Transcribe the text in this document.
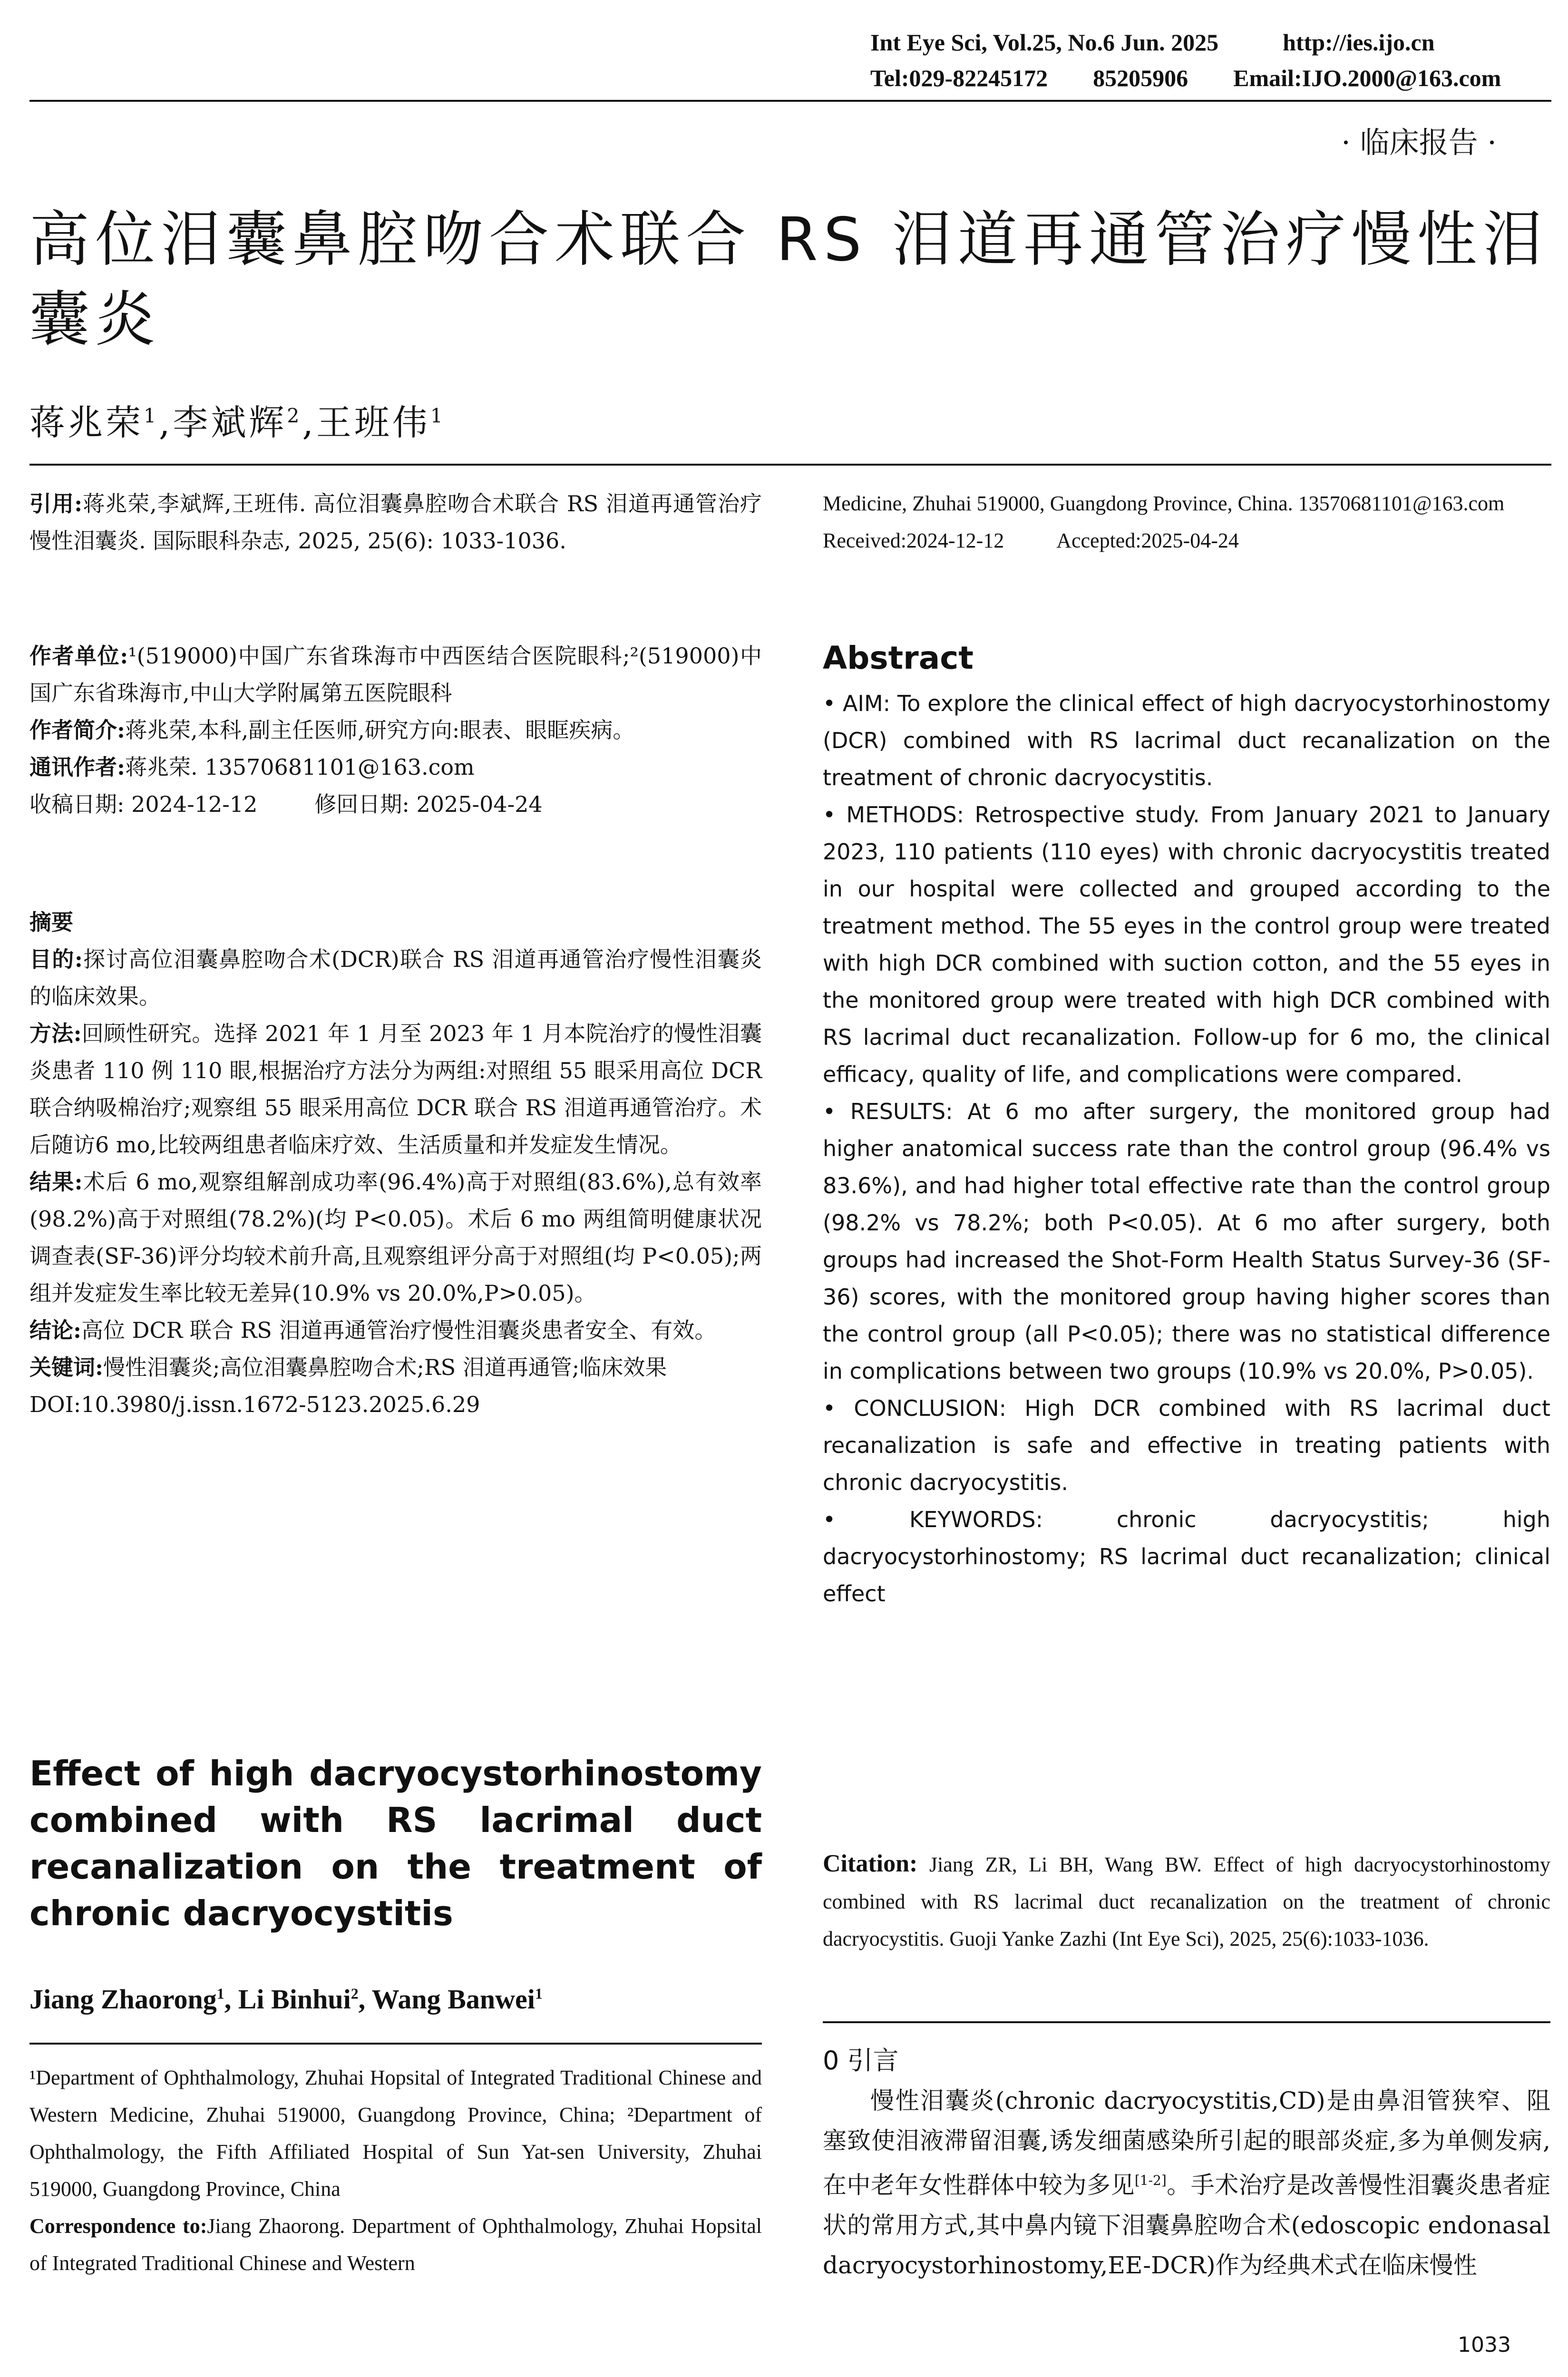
Int Eye Sci, Vol.25, No.6 Jun. 2025	http://ies.ijo.cn
Tel:029-82245172 85205906 Email:IJO.2000@163.com
· 临床报告 ·
高位泪囊鼻腔吻合术联合 RS 泪道再通管治疗慢性泪囊炎
蒋兆荣$^1$,李斌辉$^2$,王班伟$^1$
引用:蒋兆荣,李斌辉,王班伟. 高位泪囊鼻腔吻合术联合 RS 泪道再通管治疗慢性泪囊炎. 国际眼科杂志, 2025, 25(6): 1033-1036.

作者单位:¹(519000)中国广东省珠海市中西医结合医院眼科;²(519000)中国广东省珠海市,中山大学附属第五医院眼科

作者简介:蒋兆荣,本科,副主任医师,研究方向:眼表、眼眶疾病。

通讯作者:蒋兆荣. 13570681101@163.com

收稿日期: 2024-12-12	修回日期: 2025-04-24

摘要

目的:探讨高位泪囊鼻腔吻合术(DCR)联合 RS 泪道再通管治疗慢性泪囊炎的临床效果。

方法:回顾性研究。选择 2021 年 1 月至 2023 年 1 月本院治疗的慢性泪囊炎患者 110 例 110 眼,根据治疗方法分为两组:对照组 55 眼采用高位 DCR 联合纳吸棉治疗;观察组 55 眼采用高位 DCR 联合 RS 泪道再通管治疗。术后随访6 mo,比较两组患者临床疗效、生活质量和并发症发生情况。

结果:术后 6 mo,观察组解剖成功率(96.4%)高于对照组(83.6%),总有效率(98.2%)高于对照组(78.2%)(均 P<0.05)。术后 6 mo 两组简明健康状况调查表(SF-36)评分均较术前升高,且观察组评分高于对照组(均 P<0.05);两组并发症发生率比较无差异(10.9% vs 20.0%,P>0.05)。

结论:高位 DCR 联合 RS 泪道再通管治疗慢性泪囊炎患者安全、有效。

关键词:慢性泪囊炎;高位泪囊鼻腔吻合术;RS 泪道再通管;临床效果

DOI:10.3980/j.issn.1672-5123.2025.6.29

Effect of high dacryocystorhinostomy
combined with RS lacrimal duct
recanalization on the treatment of
chronic dacryocystitis
Jiang Zhaorong$^1$, Li Binhui$^2$, Wang Banwei$^1$

¹Department of Ophthalmology, Zhuhai Hopsital of Integrated Traditional Chinese and Western Medicine, Zhuhai 519000, Guangdong Province, China; ²Department of Ophthalmology, the Fifth Affiliated Hospital of Sun Yat-sen University, Zhuhai 519000, Guangdong Province, China

Correspondence to:Jiang Zhaorong. Department of Ophthalmology, Zhuhai Hopsital of Integrated Traditional Chinese and Western

Medicine, Zhuhai 519000, Guangdong Province, China. 13570681101@163.com

Received:2024-12-12	Accepted:2025-04-24

Abstract

• AIM: To explore the clinical effect of high dacryocystorhinostomy (DCR) combined with RS lacrimal duct recanalization on the treatment of chronic dacryocystitis.

• METHODS: Retrospective study. From January 2021 to January 2023, 110 patients (110 eyes) with chronic dacryocystitis treated in our hospital were collected and grouped according to the treatment method. The 55 eyes in the control group were treated with high DCR combined with suction cotton, and the 55 eyes in the monitored group were treated with high DCR combined with RS lacrimal duct recanalization. Follow-up for 6 mo, the clinical efficacy, quality of life, and complications were compared.

• RESULTS: At 6 mo after surgery, the monitored group had higher anatomical success rate than the control group (96.4% vs 83.6%), and had higher total effective rate than the control group (98.2% vs 78.2%; both P<0.05). At 6 mo after surgery, both groups had increased the Shot-Form Health Status Survey-36 (SF-36) scores, with the monitored group having higher scores than the control group (all P<0.05); there was no statistical difference in complications between two groups (10.9% vs 20.0%, P>0.05).

• CONCLUSION: High DCR combined with RS lacrimal duct recanalization is safe and effective in treating patients with chronic dacryocystitis.

• KEYWORDS:	chronic dacryocystitis; high dacryocystorhinostomy; RS lacrimal duct recanalization; clinical effect

Citation: Jiang ZR, Li BH, Wang BW. Effect of high dacryocystorhinostomy combined with RS lacrimal duct recanalization on the treatment of chronic dacryocystitis. Guoji Yanke Zazhi (Int Eye Sci), 2025, 25(6):1033-1036.
0 引言
慢性泪囊炎(chronic dacryocystitis,CD)是由鼻泪管狭窄、阻塞致使泪液滞留泪囊,诱发细菌感染所引起的眼部炎症,多为单侧发病,在中老年女性群体中较为多见[1-2]。手术治疗是改善慢性泪囊炎患者症状的常用方式,其中鼻内镜下泪囊鼻腔吻合术(edoscopic endonasal dacryocystorhinostomy,EE-DCR)作为经典术式在临床慢性
1033
